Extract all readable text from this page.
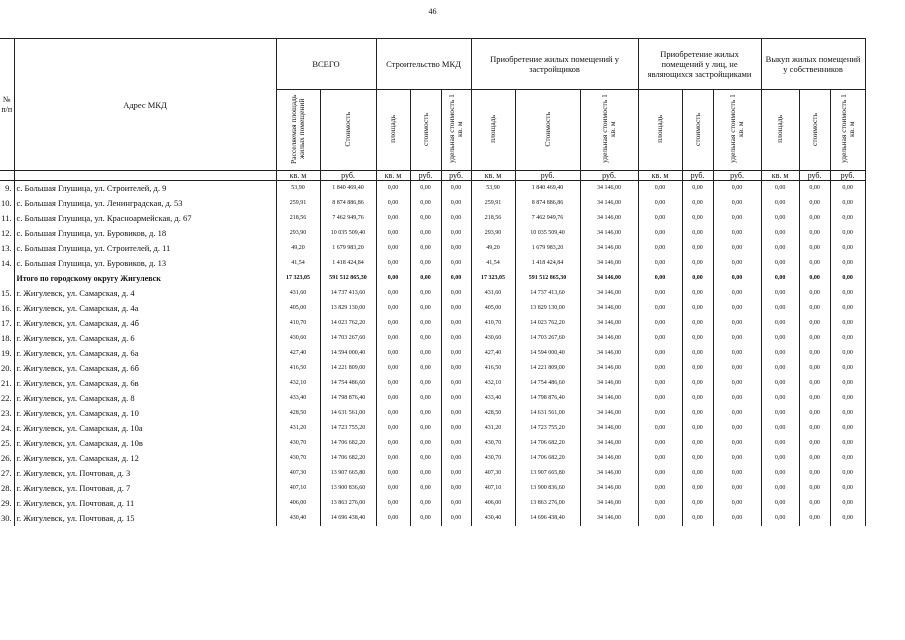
46
№
п/п	Адрес МКД	ВСЕГО		Строительство МКД			Приобретение жилых помещений у застройщиков			Приобретение жилых помещений у лиц, не являющихся застройщиками			Выкуп жилых помещений у собственников		

		Расселяемая площадь жилых помещений	Стоимость	площадь	стоимость	удельная стоимость 1 кв. м	площадь	Стоимость	удельная стоимость 1 кв. м	площадь	стоимость	удельная стоимость 1 кв. м	площадь	стоимость	удельная стоимость 1 кв. м
		кв. м	руб.	кв. м	руб.	руб.	кв. м	руб.	руб.	кв. м	руб.	руб.	кв. м	руб.	руб.
9.	с. Большая Глушица, ул. Строителей, д. 9	53,90	1 840 469,40	0,00	0,00	0,00	53,90	1 840 469,40	34 146,00	0,00	0,00	0,00	0,00	0,00	0,00
10.	с. Большая Глушица, ул. Ленинградская, д. 53	259,91	8 874 886,86	0,00	0,00	0,00	259,91	8 874 886,86	34 146,00	0,00	0,00	0,00	0,00	0,00	0,00
11.	с. Большая Глушица, ул. Красноармейская, д. 67	218,56	7 462 949,76	0,00	0,00	0,00	218,56	7 462 949,76	34 146,00	0,00	0,00	0,00	0,00	0,00	0,00
12.	с. Большая Глушица, ул. Буровиков, д. 18	293,90	10 035 509,40	0,00	0,00	0,00	293,90	10 035 509,40	34 146,00	0,00	0,00	0,00	0,00	0,00	0,00
13.	с. Большая Глушица, ул. Строителей, д. 11	49,20	1 679 983,20	0,00	0,00	0,00	49,20	1 679 983,20	34 146,00	0,00	0,00	0,00	0,00	0,00	0,00
14.	с. Большая Глушица, ул. Буровиков, д. 13	41,54	1 418 424,84	0,00	0,00	0,00	41,54	1 418 424,84	34 146,00	0,00	0,00	0,00	0,00	0,00	0,00
	Итого по городскому округу Жигулевск	17 323,05	591 512 865,30	0,00	0,00	0,00	17 323,05	591 512 865,30	34 146,00	0,00	0,00	0,00	0,00	0,00	0,00
15.	г. Жигулевск, ул. Самарская, д. 4	431,60	14 737 413,60	0,00	0,00	0,00	431,60	14 737 413,60	34 146,00	0,00	0,00	0,00	0,00	0,00	0,00
16.	г. Жигулевск, ул. Самарская, д. 4а	405,00	13 829 130,00	0,00	0,00	0,00	405,00	13 829 130,00	34 146,00	0,00	0,00	0,00	0,00	0,00	0,00
17.	г. Жигулевск, ул. Самарская, д. 4б	410,70	14 023 762,20	0,00	0,00	0,00	410,70	14 023 762,20	34 146,00	0,00	0,00	0,00	0,00	0,00	0,00
18.	г. Жигулевск, ул. Самарская, д. 6	430,60	14 703 267,60	0,00	0,00	0,00	430,60	14 703 267,60	34 146,00	0,00	0,00	0,00	0,00	0,00	0,00
19.	г. Жигулевск, ул. Самарская, д. 6а	427,40	14 594 000,40	0,00	0,00	0,00	427,40	14 594 000,40	34 146,00	0,00	0,00	0,00	0,00	0,00	0,00
20.	г. Жигулевск, ул. Самарская, д. 6б	416,50	14 221 809,00	0,00	0,00	0,00	416,50	14 221 809,00	34 146,00	0,00	0,00	0,00	0,00	0,00	0,00
21.	г. Жигулевск, ул. Самарская, д. 6в	432,10	14 754 486,60	0,00	0,00	0,00	432,10	14 754 486,60	34 146,00	0,00	0,00	0,00	0,00	0,00	0,00
22.	г. Жигулевск, ул. Самарская, д. 8	433,40	14 798 876,40	0,00	0,00	0,00	433,40	14 798 876,40	34 146,00	0,00	0,00	0,00	0,00	0,00	0,00
23.	г. Жигулевск, ул. Самарская, д. 10	428,50	14 631 561,00	0,00	0,00	0,00	428,50	14 631 561,00	34 146,00	0,00	0,00	0,00	0,00	0,00	0,00
24.	г. Жигулевск, ул. Самарская, д. 10а	431,20	14 723 755,20	0,00	0,00	0,00	431,20	14 723 755,20	34 146,00	0,00	0,00	0,00	0,00	0,00	0,00
25.	г. Жигулевск, ул. Самарская, д. 10в	430,70	14 706 682,20	0,00	0,00	0,00	430,70	14 706 682,20	34 146,00	0,00	0,00	0,00	0,00	0,00	0,00
26.	г. Жигулевск, ул. Самарская, д. 12	430,70	14 706 682,20	0,00	0,00	0,00	430,70	14 706 682,20	34 146,00	0,00	0,00	0,00	0,00	0,00	0,00
27.	г. Жигулевск, ул. Почтовая, д. 3	407,30	13 907 665,80	0,00	0,00	0,00	407,30	13 907 665,80	34 146,00	0,00	0,00	0,00	0,00	0,00	0,00
28.	г. Жигулевск, ул. Почтовая, д. 7	407,10	13 900 836,60	0,00	0,00	0,00	407,10	13 900 836,60	34 146,00	0,00	0,00	0,00	0,00	0,00	0,00
29.	г. Жигулевск, ул. Почтовая, д. 11	406,00	13 863 276,00	0,00	0,00	0,00	406,00	13 863 276,00	34 146,00	0,00	0,00	0,00	0,00	0,00	0,00
30.	г. Жигулевск, ул. Почтовая, д. 15	430,40	14 696 438,40	0,00	0,00	0,00	430,40	14 696 438,40	34 146,00	0,00	0,00	0,00	0,00	0,00	0,00
